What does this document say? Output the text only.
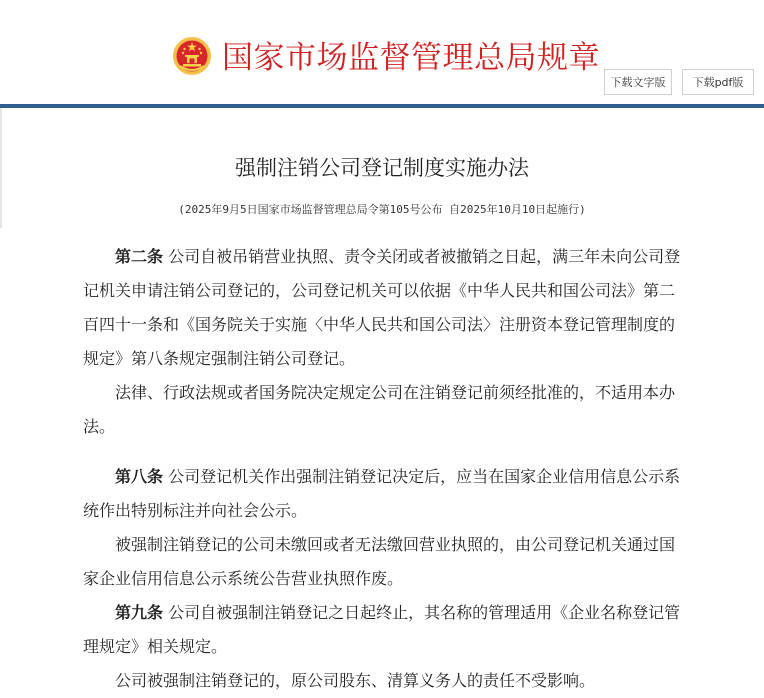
国家市场监督管理总局规章
下载文字版	下载pdf版
强制注销公司登记制度实施办法
(2025年9月5日国家市场监督管理总局令第105号公布 自2025年10月10日起施行)

第二条 公司自被吊销营业执照、责令关闭或者被撤销之日起，满三年未向公司登记机关申请注销公司登记的，公司登记机关可以依据《中华人民共和国公司法》第二百四十一条和《国务院关于实施〈中华人民共和国公司法〉注册资本登记管理制度的规定》第八条规定强制注销公司登记。

法律、行政法规或者国务院决定规定公司在注销登记前须经批准的，不适用本办法。

第八条 公司登记机关作出强制注销登记决定后，应当在国家企业信用信息公示系统作出特别标注并向社会公示。

被强制注销登记的公司未缴回或者无法缴回营业执照的，由公司登记机关通过国家企业信用信息公示系统公告营业执照作废。

第九条 公司自被强制注销登记之日起终止，其名称的管理适用《企业名称登记管理规定》相关规定。

公司被强制注销登记的，原公司股东、清算义务人的责任不受影响。
